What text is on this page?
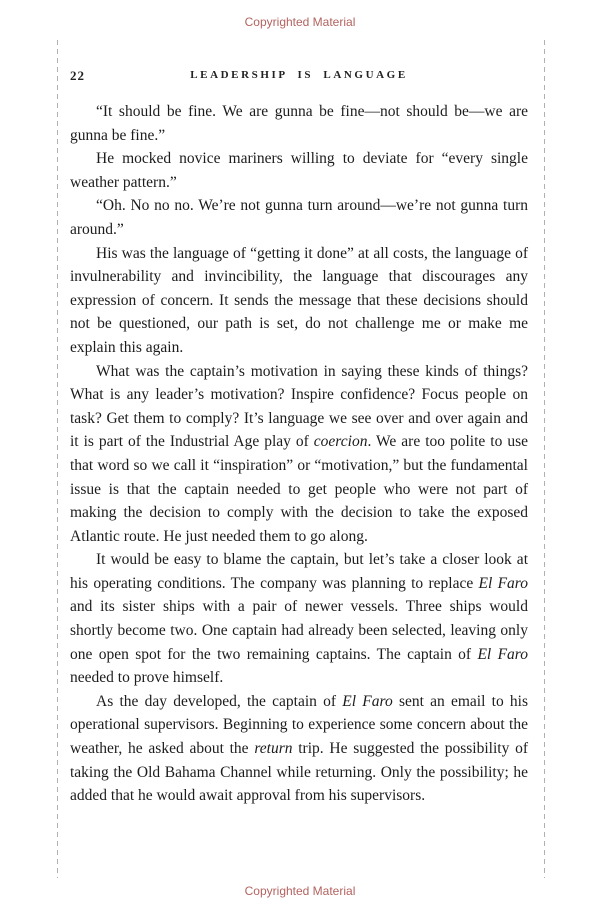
Copyrighted Material
22	LEADERSHIP IS LANGUAGE

“It should be fine. We are gunna be fine—not should be—we are gunna be fine.”

He mocked novice mariners willing to deviate for “every single weather pattern.”

“Oh. No no no. We’re not gunna turn around—we’re not gunna turn around.”

His was the language of “getting it done” at all costs, the language of invulnerability and invincibility, the language that discourages any expression of concern. It sends the message that these decisions should not be questioned, our path is set, do not challenge me or make me explain this again.

What was the captain’s motivation in saying these kinds of things? What is any leader’s motivation? Inspire confidence? Focus people on task? Get them to comply? It’s language we see over and over again and it is part of the Industrial Age play of coercion. We are too polite to use that word so we call it “inspiration” or “motivation,” but the fundamental issue is that the captain needed to get people who were not part of making the decision to comply with the decision to take the exposed Atlantic route. He just needed them to go along.

It would be easy to blame the captain, but let’s take a closer look at his operating conditions. The company was planning to replace El Faro and its sister ships with a pair of newer vessels. Three ships would shortly become two. One captain had already been selected, leaving only one open spot for the two remaining captains. The captain of El Faro needed to prove himself.

As the day developed, the captain of El Faro sent an email to his operational supervisors. Beginning to experience some concern about the weather, he asked about the return trip. He suggested the possibility of taking the Old Bahama Channel while returning. Only the possibility; he added that he would await approval from his supervisors.

Copyrighted Material
